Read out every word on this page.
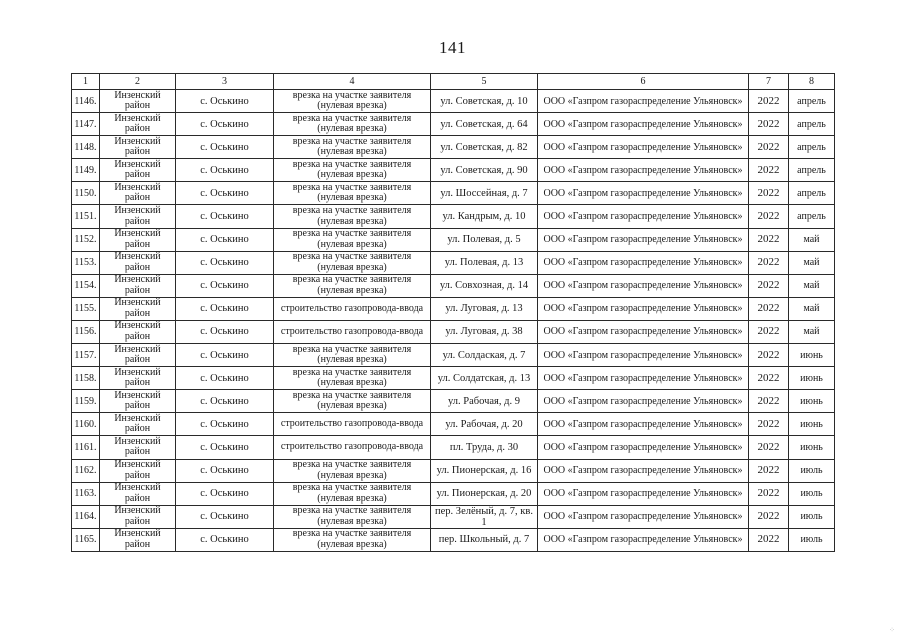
141
1	2	3	4	5	6	7	8
1146.	Инзенский район	с. Оськино	врезка на участке заявителя (нулевая врезка)	ул. Советская, д. 10	ООО «Газпром газораспределение Ульяновск»	2022	апрель
1147.	Инзенский район	с. Оськино	врезка на участке заявителя (нулевая врезка)	ул. Советская, д. 64	ООО «Газпром газораспределение Ульяновск»	2022	апрель
1148.	Инзенский район	с. Оськино	врезка на участке заявителя (нулевая врезка)	ул. Советская, д. 82	ООО «Газпром газораспределение Ульяновск»	2022	апрель
1149.	Инзенский район	с. Оськино	врезка на участке заявителя (нулевая врезка)	ул. Советская, д. 90	ООО «Газпром газораспределение Ульяновск»	2022	апрель
1150.	Инзенский район	с. Оськино	врезка на участке заявителя (нулевая врезка)	ул. Шоссейная, д. 7	ООО «Газпром газораспределение Ульяновск»	2022	апрель
1151.	Инзенский район	с. Оськино	врезка на участке заявителя (нулевая врезка)	ул. Кандрым, д. 10	ООО «Газпром газораспределение Ульяновск»	2022	апрель
1152.	Инзенский район	с. Оськино	врезка на участке заявителя (нулевая врезка)	ул. Полевая, д. 5	ООО «Газпром газораспределение Ульяновск»	2022	май
1153.	Инзенский район	с. Оськино	врезка на участке заявителя (нулевая врезка)	ул. Полевая, д. 13	ООО «Газпром газораспределение Ульяновск»	2022	май
1154.	Инзенский район	с. Оськино	врезка на участке заявителя (нулевая врезка)	ул. Совхозная, д. 14	ООО «Газпром газораспределение Ульяновск»	2022	май
1155.	Инзенский район	с. Оськино	строительство газопровода-ввода	ул. Луговая, д. 13	ООО «Газпром газораспределение Ульяновск»	2022	май
1156.	Инзенский район	с. Оськино	строительство газопровода-ввода	ул. Луговая, д. 38	ООО «Газпром газораспределение Ульяновск»	2022	май
1157.	Инзенский район	с. Оськино	врезка на участке заявителя (нулевая врезка)	ул. Солдаская, д. 7	ООО «Газпром газораспределение Ульяновск»	2022	июнь
1158.	Инзенский район	с. Оськино	врезка на участке заявителя (нулевая врезка)	ул. Солдатская, д. 13	ООО «Газпром газораспределение Ульяновск»	2022	июнь
1159.	Инзенский район	с. Оськино	врезка на участке заявителя (нулевая врезка)	ул. Рабочая, д. 9	ООО «Газпром газораспределение Ульяновск»	2022	июнь
1160.	Инзенский район	с. Оськино	строительство газопровода-ввода	ул. Рабочая, д. 20	ООО «Газпром газораспределение Ульяновск»	2022	июнь
1161.	Инзенский район	с. Оськино	строительство газопровода-ввода	пл. Труда, д. 30	ООО «Газпром газораспределение Ульяновск»	2022	июнь
1162.	Инзенский район	с. Оськино	врезка на участке заявителя (нулевая врезка)	ул. Пионерская, д. 16	ООО «Газпром газораспределение Ульяновск»	2022	июль
1163.	Инзенский район	с. Оськино	врезка на участке заявителя (нулевая врезка)	ул. Пионерская, д. 20	ООО «Газпром газораспределение Ульяновск»	2022	июль
1164.	Инзенский район	с. Оськино	врезка на участке заявителя (нулевая врезка)	пер. Зелёный, д. 7, кв. 1	ООО «Газпром газораспределение Ульяновск»	2022	июль
1165.	Инзенский район	с. Оськино	врезка на участке заявителя (нулевая врезка)	пер. Школьный, д. 7	ООО «Газпром газораспределение Ульяновск»	2022	июль
⁘
